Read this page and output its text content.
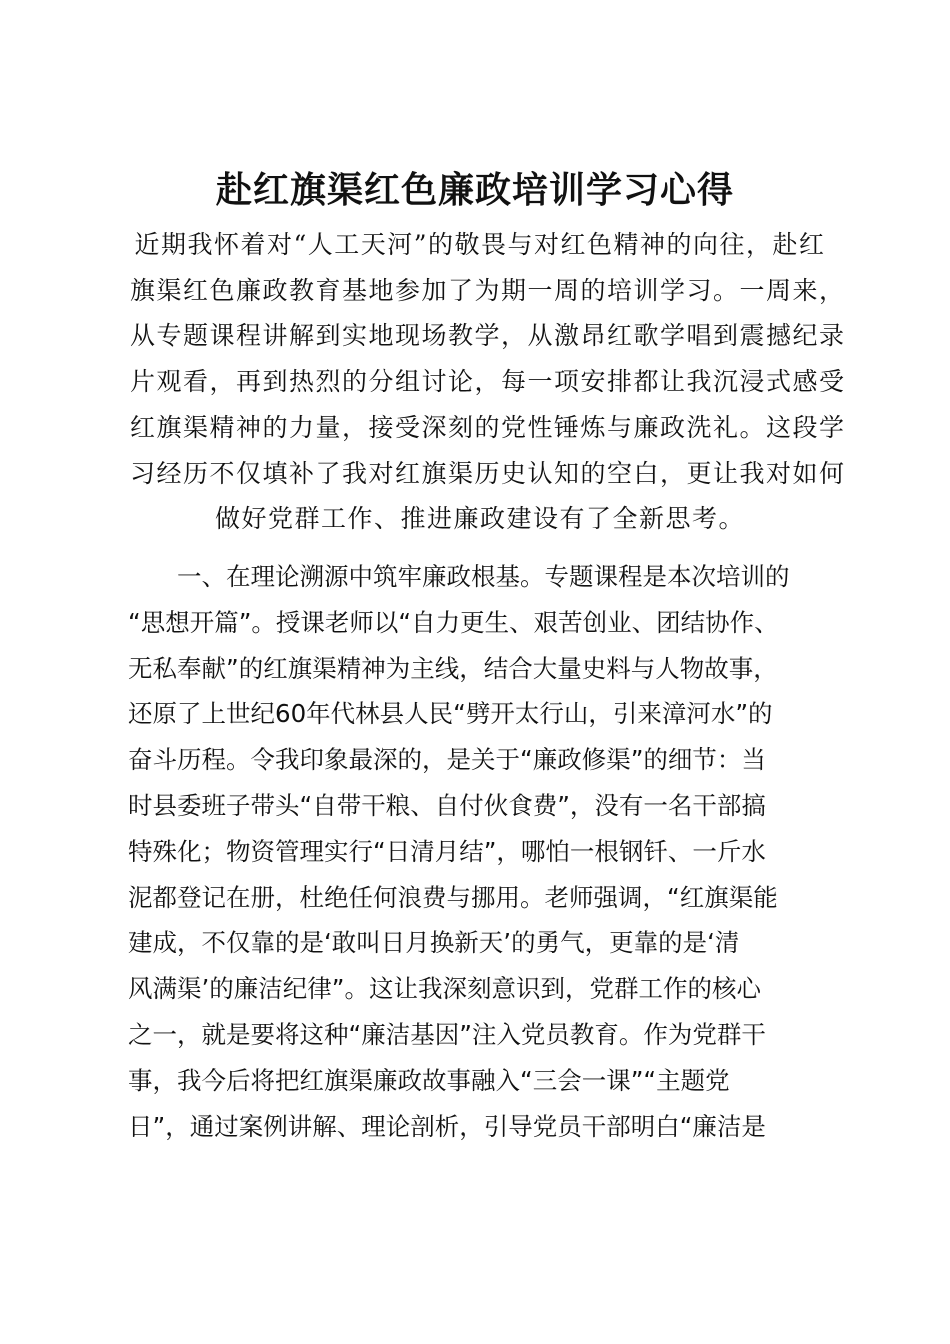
赴红旗渠红色廉政培训学习心得
近期我怀着对“人工天河”的敬畏与对红色精神的向往，赴红
旗渠红色廉政教育基地参加了为期一周的培训学习。一周来，
从专题课程讲解到实地现场教学，从激昂红歌学唱到震撼纪录
片观看，再到热烈的分组讨论，每一项安排都让我沉浸式感受
红旗渠精神的力量，接受深刻的党性锤炼与廉政洗礼。这段学
习经历不仅填补了我对红旗渠历史认知的空白，更让我对如何
做好党群工作、推进廉政建设有了全新思考。
一、在理论溯源中筑牢廉政根基。专题课程是本次培训的
“思想开篇”。授课老师以“自力更生、艰苦创业、团结协作、
无私奉献”的红旗渠精神为主线，结合大量史料与人物故事，
还原了上世纪60年代林县人民“劈开太行山，引来漳河水”的
奋斗历程。令我印象最深的，是关于“廉政修渠”的细节：当
时县委班子带头“自带干粮、自付伙食费”，没有一名干部搞
特殊化；物资管理实行“日清月结”，哪怕一根钢钎、一斤水
泥都登记在册，杜绝任何浪费与挪用。老师强调，“红旗渠能
建成，不仅靠的是‘敢叫日月换新天’的勇气，更靠的是‘清
风满渠’的廉洁纪律”。这让我深刻意识到，党群工作的核心
之一，就是要将这种“廉洁基因”注入党员教育。作为党群干
事，我今后将把红旗渠廉政故事融入“三会一课”“主题党
日”，通过案例讲解、理论剖析，引导党员干部明白“廉洁是
